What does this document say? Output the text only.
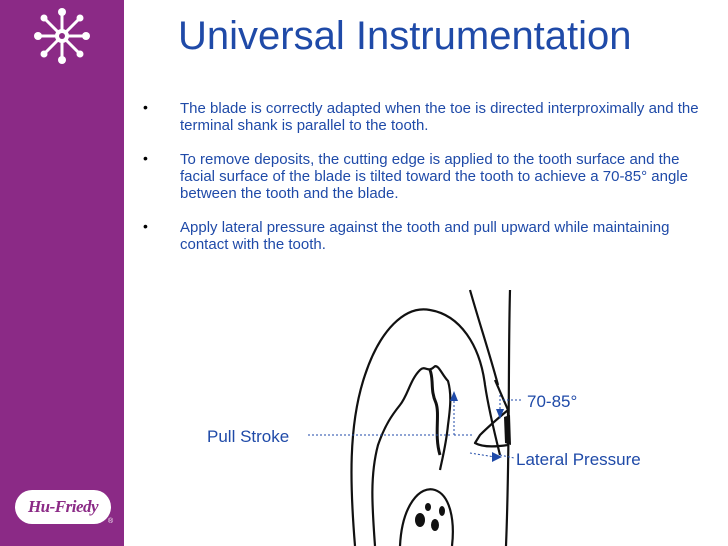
Hu-Friedy
®
Universal Instrumentation
• The blade is correctly adapted when the toe is directed interproximally and the terminal shank is parallel to the tooth.
• To remove deposits, the cutting edge is applied to the tooth surface and the facial surface of the blade is tilted toward the tooth to achieve a 70-85° angle between the tooth and the blade.
• Apply lateral pressure against the tooth and pull upward while maintaining contact with the tooth.
70-85°
Pull Stroke
Lateral Pressure
